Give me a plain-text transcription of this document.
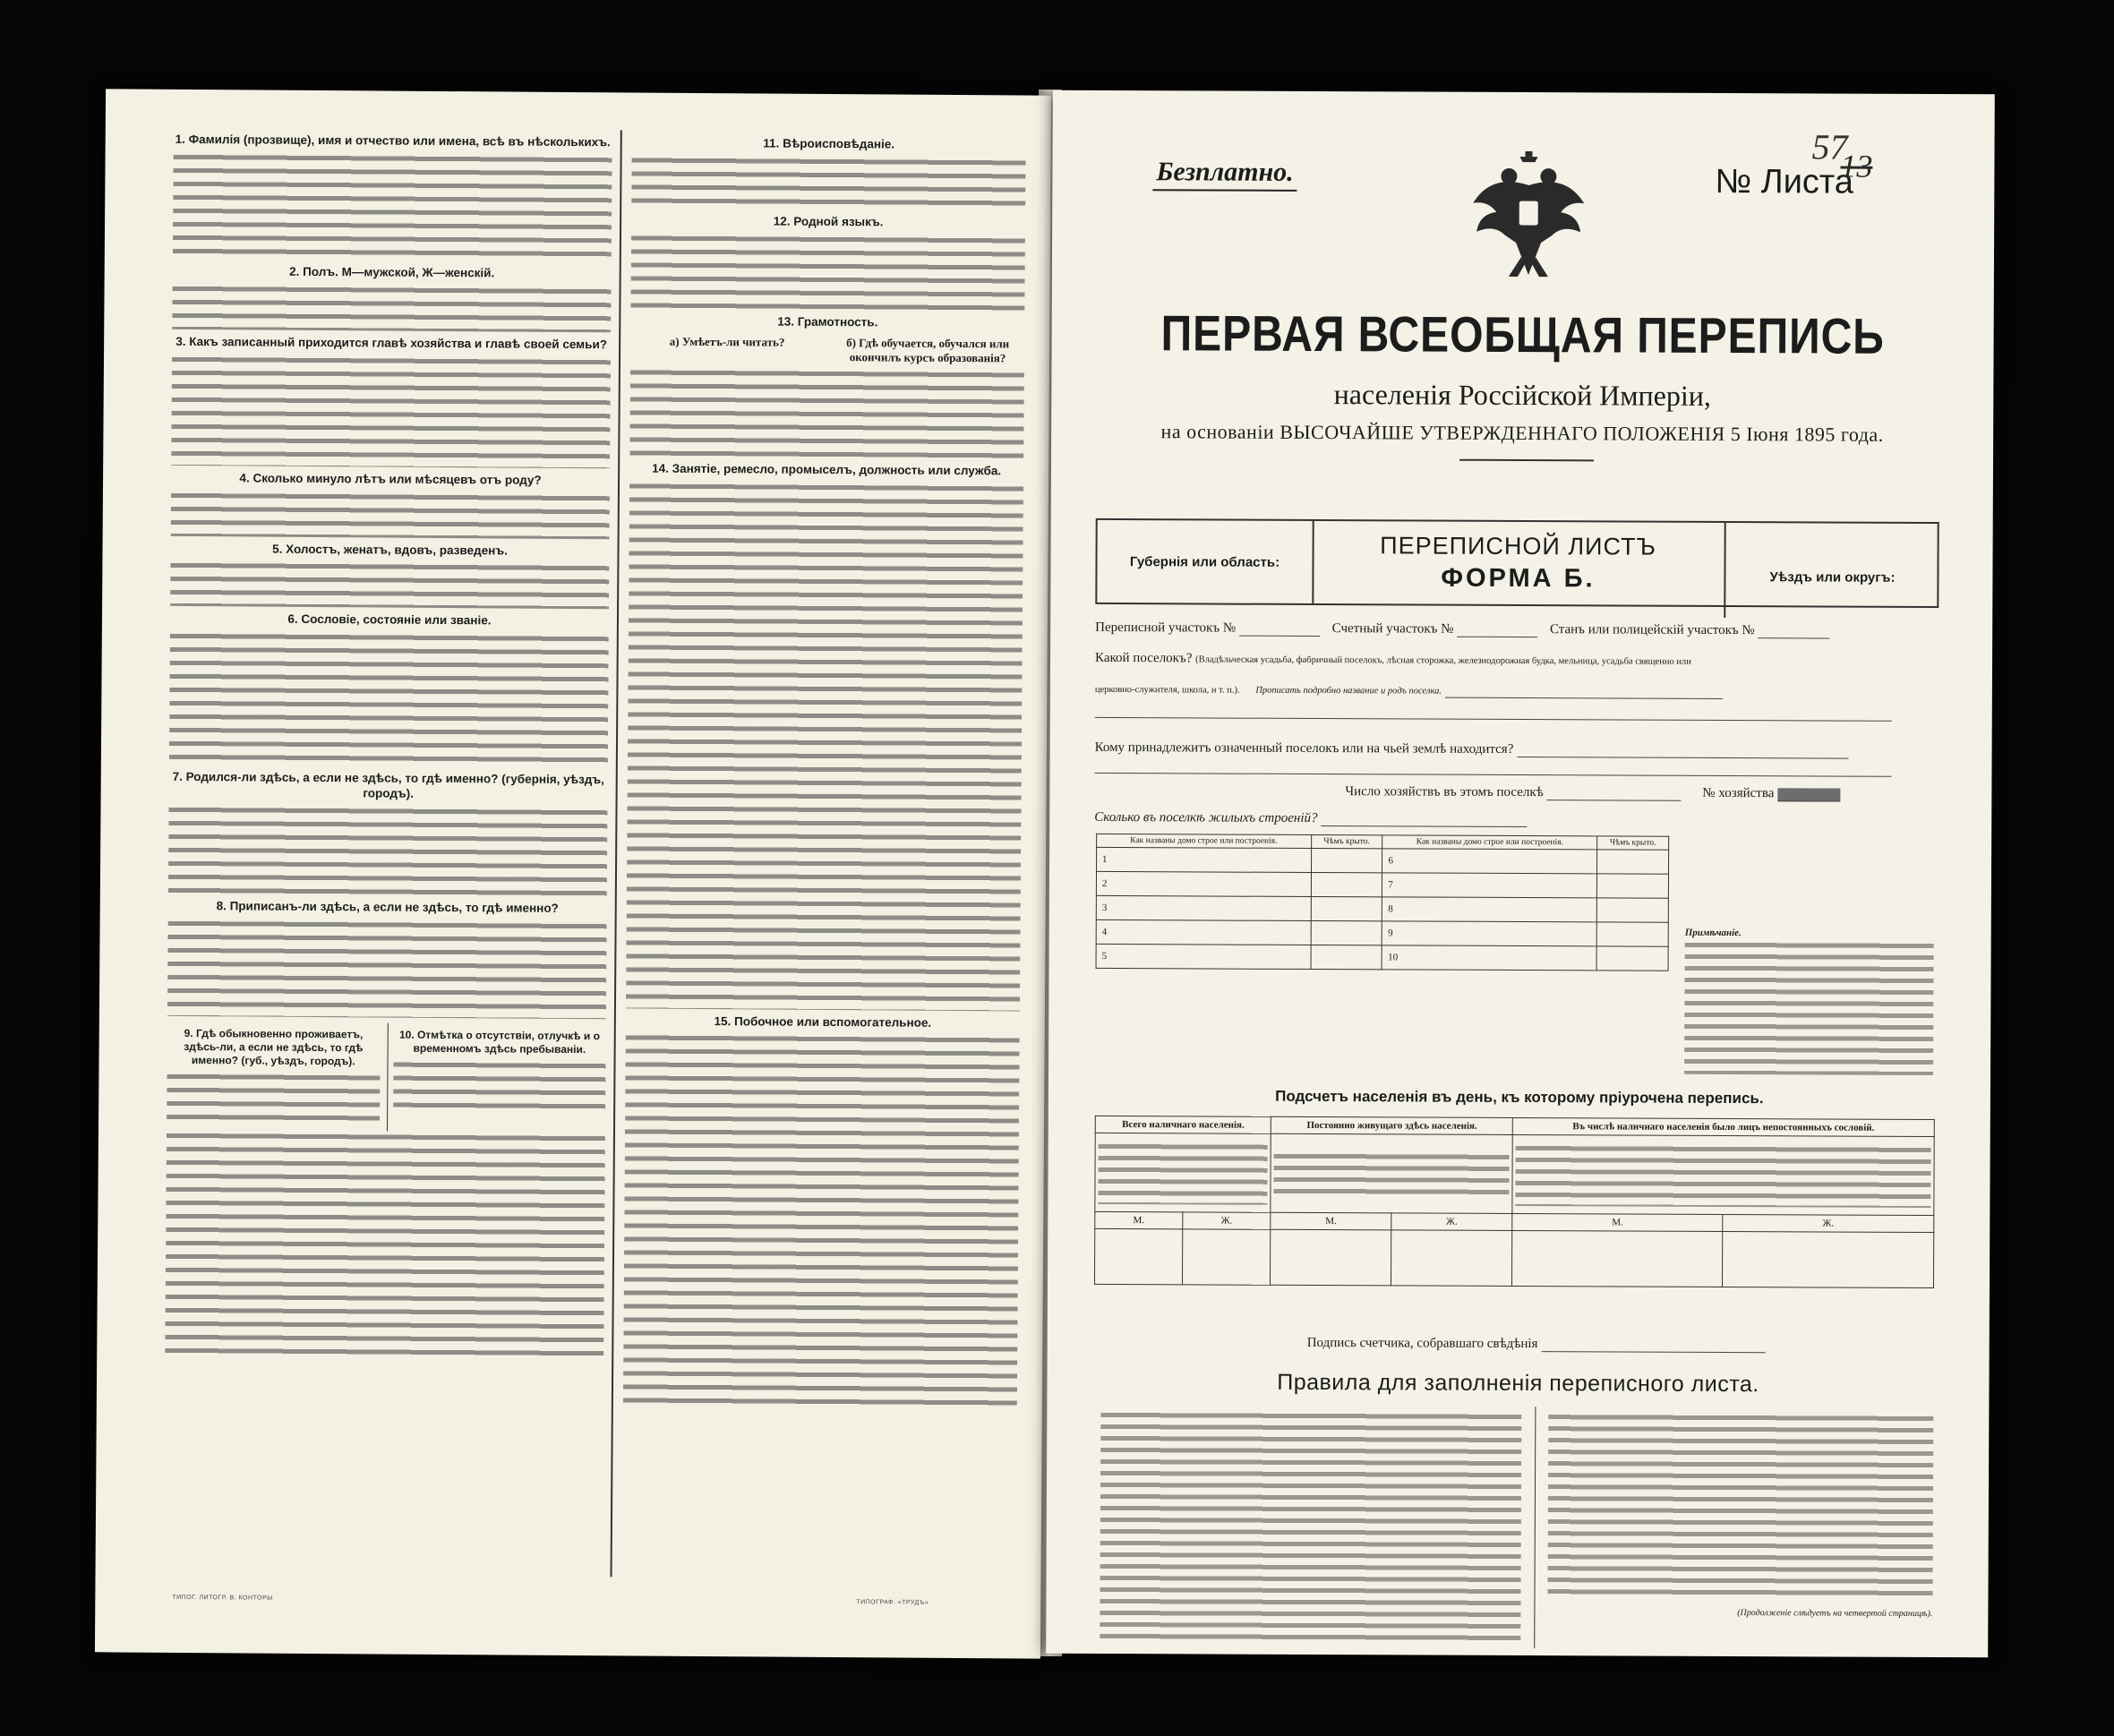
1. Фамилія (прозвище), имя и отчество или имена, всѣ въ нѣсколькихъ.
2. Полъ. М—мужской, Ж—женскій.
3. Какъ записанный приходится главѣ хозяйства и главѣ своей семьи?
4. Сколько минуло лѣтъ или мѣсяцевъ отъ роду?
5. Холостъ, женатъ, вдовъ, разведенъ.
6. Сословіе, состояніе или званіе.
7. Родился-ли здѣсь, а если не здѣсь, то гдѣ именно? (губернія, уѣздъ, городъ).
8. Приписанъ-ли здѣсь, а если не здѣсь, то гдѣ именно?
9. Гдѣ обыкновенно проживаетъ, здѣсь-ли, а если не здѣсь, то гдѣ именно? (губ., уѣздъ, городъ).
10. Отмѣтка о отсутствіи, отлучкѣ и о временномъ здѣсь пребываніи.
11. Вѣроисповѣданіе.
12. Родной языкъ.
13. Грамотность.
а) Умѣетъ-ли читать?	б) Гдѣ обучается, обучался или окончилъ курсъ образованія?
14. Занятіе, ремесло, промыселъ, должность или служба.
15. Побочное или вспомогательное.
ТИПОГ. ЛИТОГР. В. КОНТОРЫ
ТИПОГРАФ. «ТРУДЪ»
Безплатно.
57
№ Листа
13
ПЕРВАЯ ВСЕОБЩАЯ ПЕРЕПИСЬ
населенія Россійской Имперіи,
на основаніи ВЫСОЧАЙШЕ УТВЕРЖДЕННАГО ПОЛОЖЕНІЯ 5 Іюня 1895 года.
Губернія или область:
ПЕРЕПИСНОЙ ЛИСТЪ
ФОРМА Б.	Уѣздъ или округъ:
Переписной участокъ №	Счетный участокъ №	Станъ или полицейскій участокъ №
Какой поселокъ? (Владѣльческая усадьба, фабричный поселокъ, лѣсная сторожка, железнодорожная будка, мельница, усадьба священно или
церковно-служителя, школа, и т. п.). Прописать подробно название и родъ поселка.
Кому принадлежитъ означенный поселокъ или на чьей землѣ находится?
Число хозяйствъ въ этомъ поселкѣ	№ хозяйства
Сколько въ поселкѣ жилыхъ строеній?
Как названы домо строе или построенія.	Чѣмъ крыто.	Как названы домо строе или построенія.	Чѣмъ крыто.
1		6	
2		7	
3		8	
4		9	
5		10	
Примѣчаніе.
Подсчетъ населенія въ день, къ которому пріурочена перепись.
Всего наличнаго населенія.		Постоянно живущаго здѣсь населенія.		Въ числѣ наличнаго населенія было лицъ непостоянныхъ сословій.	

М.	Ж.	М.	Ж.	М.	Ж.

Подпись счетчика, собравшаго свѣдѣнія
Правила для заполненія переписного листа.
(Продолженіе слѣдуетъ на четвертой страницѣ).
